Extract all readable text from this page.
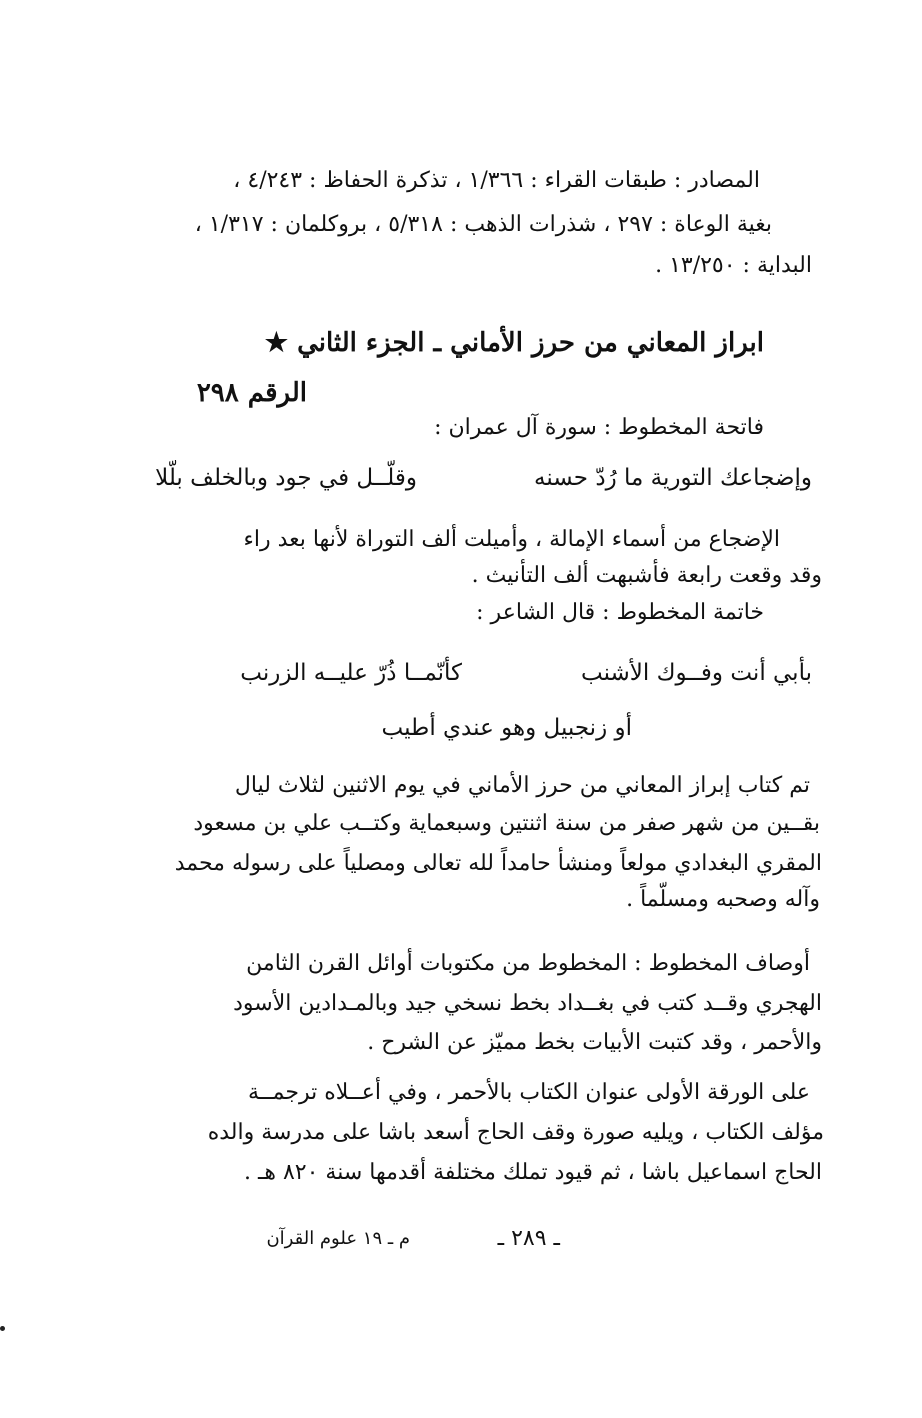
المصادر : طبقات القراء : ١/٣٦٦ ، تذكرة الحفاظ : ٤/٢٤٣ ،
بغية الوعاة : ٢٩٧ ، شذرات الذهب : ٥/٣١٨ ، بروكلمان : ١/٣١٧ ،
البداية : ١٣/٢٥٠ .
ابراز المعاني من حرز الأماني ـ الجزء الثاني ★
الرقم ٢٩٨
فاتحة المخطوط : سورة آل عمران :
وإضجاعك التورية ما رُدّ حسنه
وقلّــل في جود وبالخلف بلّلا
الإضجاع من أسماء الإمالة ، وأميلت ألف التوراة لأنها بعد راء
وقد وقعت رابعة فأشبهت ألف التأنيث .
خاتمة المخطوط : قال الشاعر :
بأبي أنت وفــوك الأشنب
كأنّمــا ذُرّ عليــه الزرنب
أو زنجبيل وهو عندي أطيب
تم كتاب إبراز المعاني من حرز الأماني في يوم الاثنين لثلاث ليال
بقــين من شهر صفر من سنة اثنتين وسبعماية وكتــب علي بن مسعود
المقري البغدادي مولعاً ومنشأ حامداً لله تعالى ومصلياً على رسوله محمد
وآله وصحبه ومسلّماً .
أوصاف المخطوط : المخطوط من مكتوبات أوائل القرن الثامن
الهجري وقــد كتب في بغــداد بخط نسخي جيد وبالمـدادين الأسود
والأحمر ، وقد كتبت الأبيات بخط مميّز عن الشرح .
على الورقة الأولى عنوان الكتاب بالأحمر ، وفي أعــلاه ترجمــة
مؤلف الكتاب ، ويليه صورة وقف الحاج أسعد باشا على مدرسة والده
الحاج اسماعيل باشا ، ثم قيود تملك مختلفة أقدمها سنة ٨٢٠ هـ .
ـ ٢٨٩ ـ
م ـ ١٩ علوم القرآن
